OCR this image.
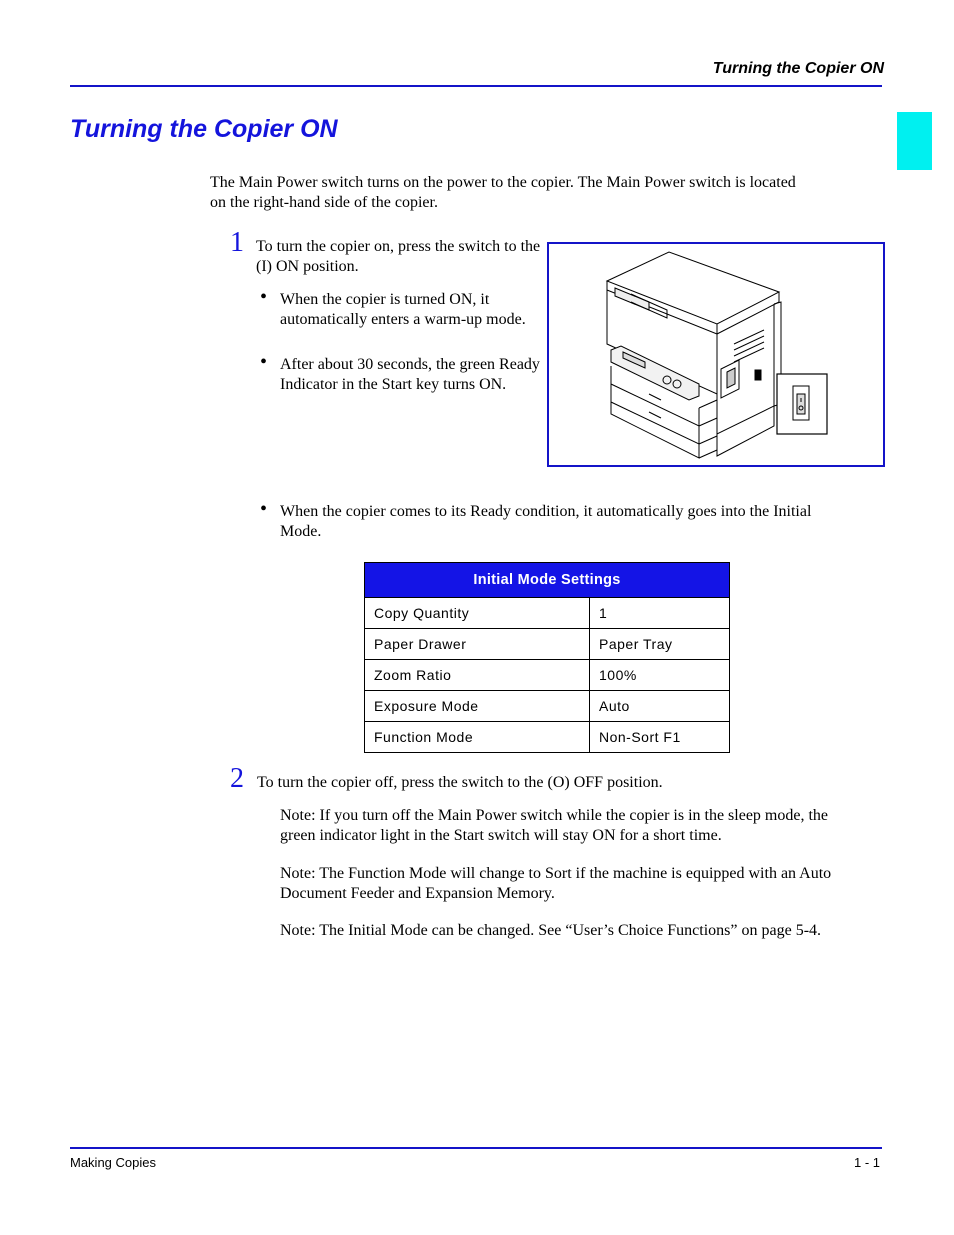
Turning the Copier ON
Turning the Copier ON

The Main Power switch turns on the power to the copier. The Main Power switch is located on the right-hand side of the copier.

1 To turn the copier on, press the switch to the (I) ON position.

• When the copier is turned ON, it automatically enters a warm-up mode.
• After about 30 seconds, the green Ready Indicator in the Start key turns ON.
• When the copier comes to its Ready condition, it automatically goes into the Initial Mode.
Initial Mode Settings	
Copy Quantity	1
Paper Drawer	Paper Tray
Zoom Ratio	100%
Exposure Mode	Auto
Function Mode	Non-Sort F1
2 To turn the copier off, press the switch to the (O) OFF position.

Note: If you turn off the Main Power switch while the copier is in the sleep mode, the green indicator light in the Start switch will stay ON for a short time.

Note: The Function Mode will change to Sort if the machine is equipped with an Auto Document Feeder and Expansion Memory.

Note: The Initial Mode can be changed. See “User’s Choice Functions” on page 5-4.

Making Copies	1 - 1
